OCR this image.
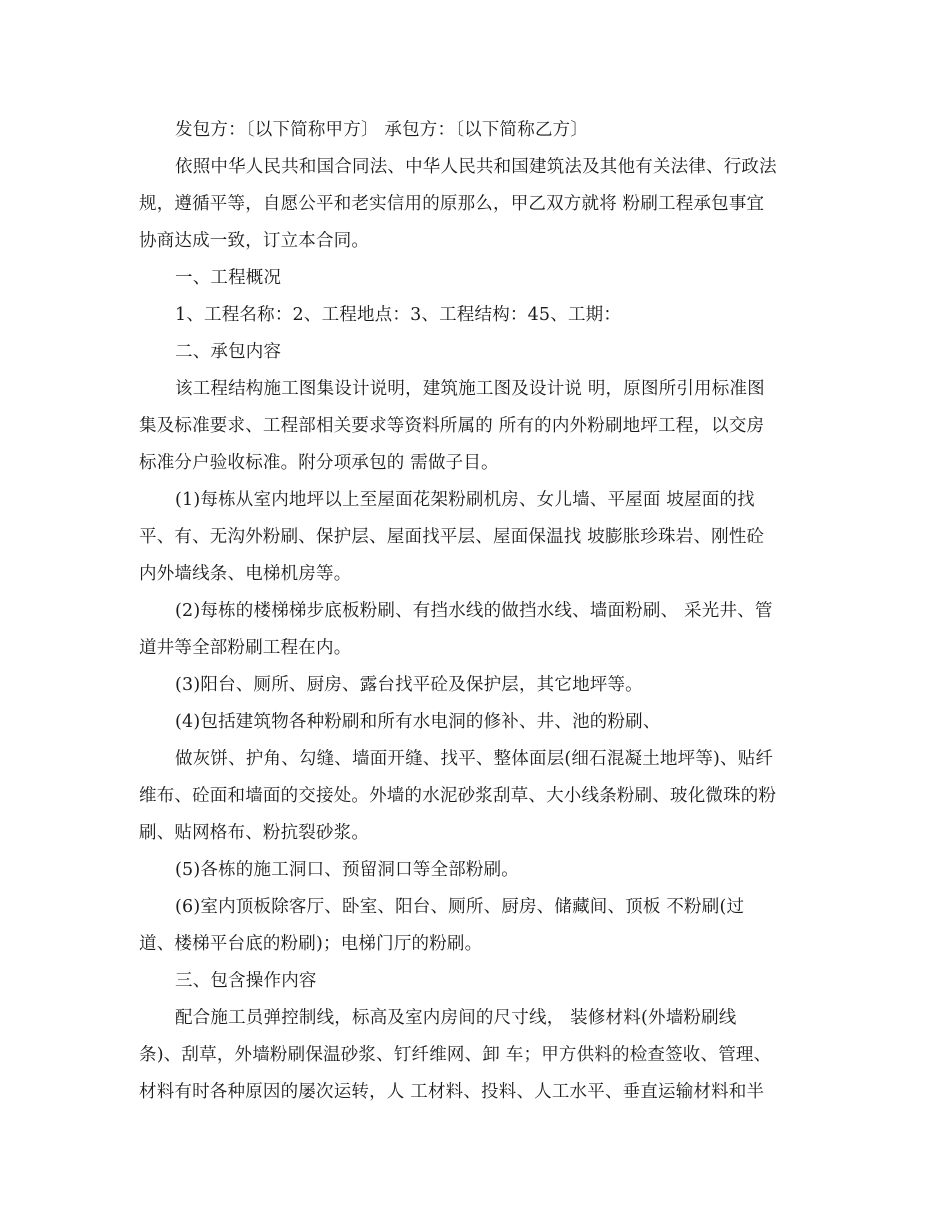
发包方：〔以下简称甲方〕 承包方：〔以下简称乙方〕
依照中华人民共和国合同法、中华人民共和国建筑法及其他有关法律、行政法
规，遵循平等，自愿公平和老实信用的原那么，甲乙双方就将 粉刷工程承包事宜
协商达成一致，订立本合同。
一、工程概况
1、工程名称：2、工程地点：3、工程结构：45、工期：
二、承包内容
该工程结构施工图集设计说明，建筑施工图及设计说 明，原图所引用标准图
集及标准要求、工程部相关要求等资料所属的 所有的内外粉刷地坪工程，以交房
标准分户验收标准。附分项承包的 需做子目。
(1)每栋从室内地坪以上至屋面花架粉刷机房、女儿墙、平屋面 坡屋面的找
平、有、无沟外粉刷、保护层、屋面找平层、屋面保温找 坡膨胀珍珠岩、刚性砼
内外墙线条、电梯机房等。
(2)每栋的楼梯梯步底板粉刷、有挡水线的做挡水线、墙面粉刷、 采光井、管
道井等全部粉刷工程在内。
(3)阳台、厕所、厨房、露台找平砼及保护层，其它地坪等。
(4)包括建筑物各种粉刷和所有水电洞的修补、井、池的粉刷、
做灰饼、护角、勾缝、墙面开缝、找平、整体面层(细石混凝土地坪等)、贴纤
维布、砼面和墙面的交接处。外墙的水泥砂浆刮草、大小线条粉刷、玻化微珠的粉
刷、贴网格布、粉抗裂砂浆。
(5)各栋的施工洞口、预留洞口等全部粉刷。
(6)室内顶板除客厅、卧室、阳台、厕所、厨房、储藏间、顶板 不粉刷(过
道、楼梯平台底的粉刷)；电梯门厅的粉刷。
三、包含操作内容
配合施工员弹控制线，标高及室内房间的尺寸线， 装修材料(外墙粉刷线
条)、刮草，外墙粉刷保温砂浆、钉纤维网、卸 车；甲方供料的检查签收、管理、
材料有时各种原因的屡次运转，人 工材料、投料、人工水平、垂直运输材料和半
